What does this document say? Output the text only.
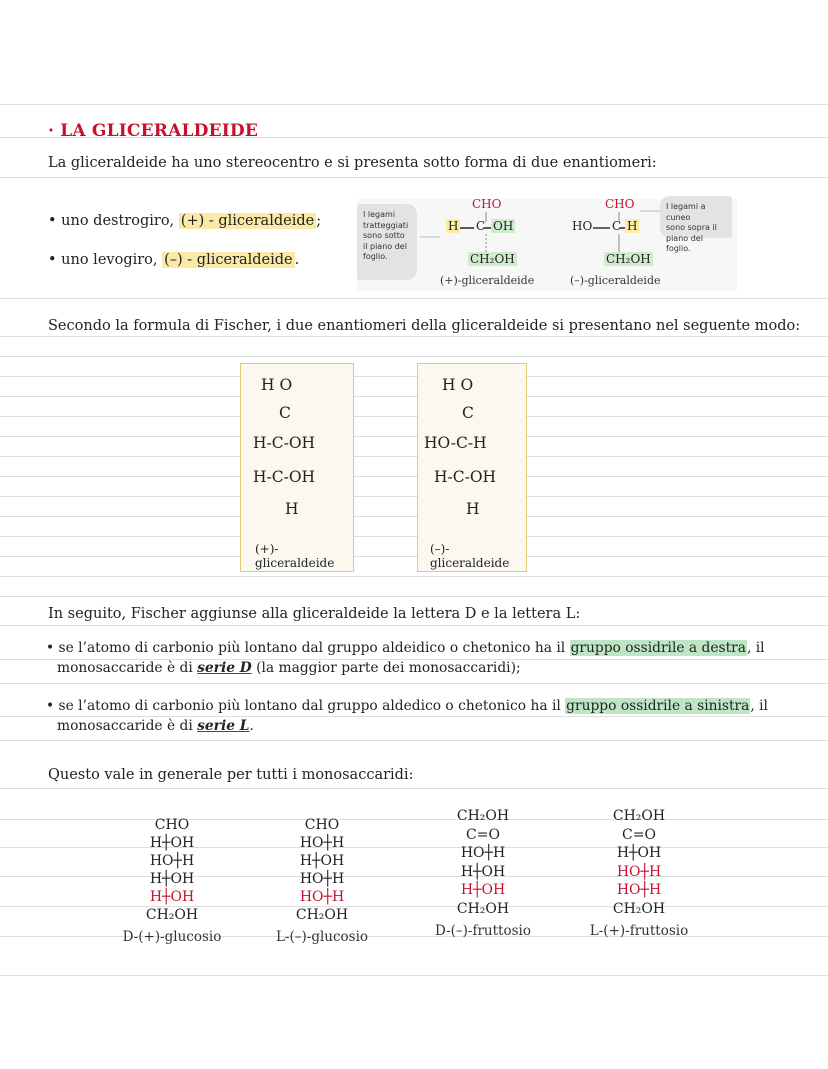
· LA GLICERALDEIDE
La gliceraldeide ha uno stereocentro e si presenta sotto forma di due enantiomeri:
• uno destrogiro, (+) - gliceraldeide ;
• uno levogiro, (–) - gliceraldeide .
I legami
tratteggiati
sono sotto
il piano del
foglio.
I legami a cuneo
sono sopra il
piano del foglio.
CHO
H C OH
CH₂OH
(+)-gliceraldeide
CHO
HO C H
CH₂OH
(–)-gliceraldeide
Secondo la formula di Fischer, i due enantiomeri della gliceraldeide si presentano nel seguente modo:
H O
C
H-C-OH
H-C-OH
H
(+)- gliceraldeide
H O
C
HO-C-H
H-C-OH
H
(–)- gliceraldeide
In seguito, Fischer aggiunse alla gliceraldeide la lettera D e la lettera L:
• se l’atomo di carbonio più lontano dal gruppo aldeidico o chetonico ha il gruppo ossidrile a destra, il
monosaccaride è di serie D (la maggior parte dei monosaccaridi);
• se l’atomo di carbonio più lontano dal gruppo aldedico o chetonico ha il gruppo ossidrile a sinistra, il
monosaccaride è di serie L.
Questo vale in generale per tutti i monosaccaridi:
CHO
H┼OH
HO┼H
H┼OH
H┼OH
CH₂OH
D-(+)-glucosio
CHO
HO┼H
H┼OH
HO┼H
HO┼H
CH₂OH
L-(–)-glucosio
CH₂OH
C=O
HO┼H
H┼OH
H┼OH
CH₂OH
D-(–)-fruttosio
CH₂OH
C=O
H┼OH
HO┼H
HO┼H
CH₂OH
L-(+)-fruttosio
